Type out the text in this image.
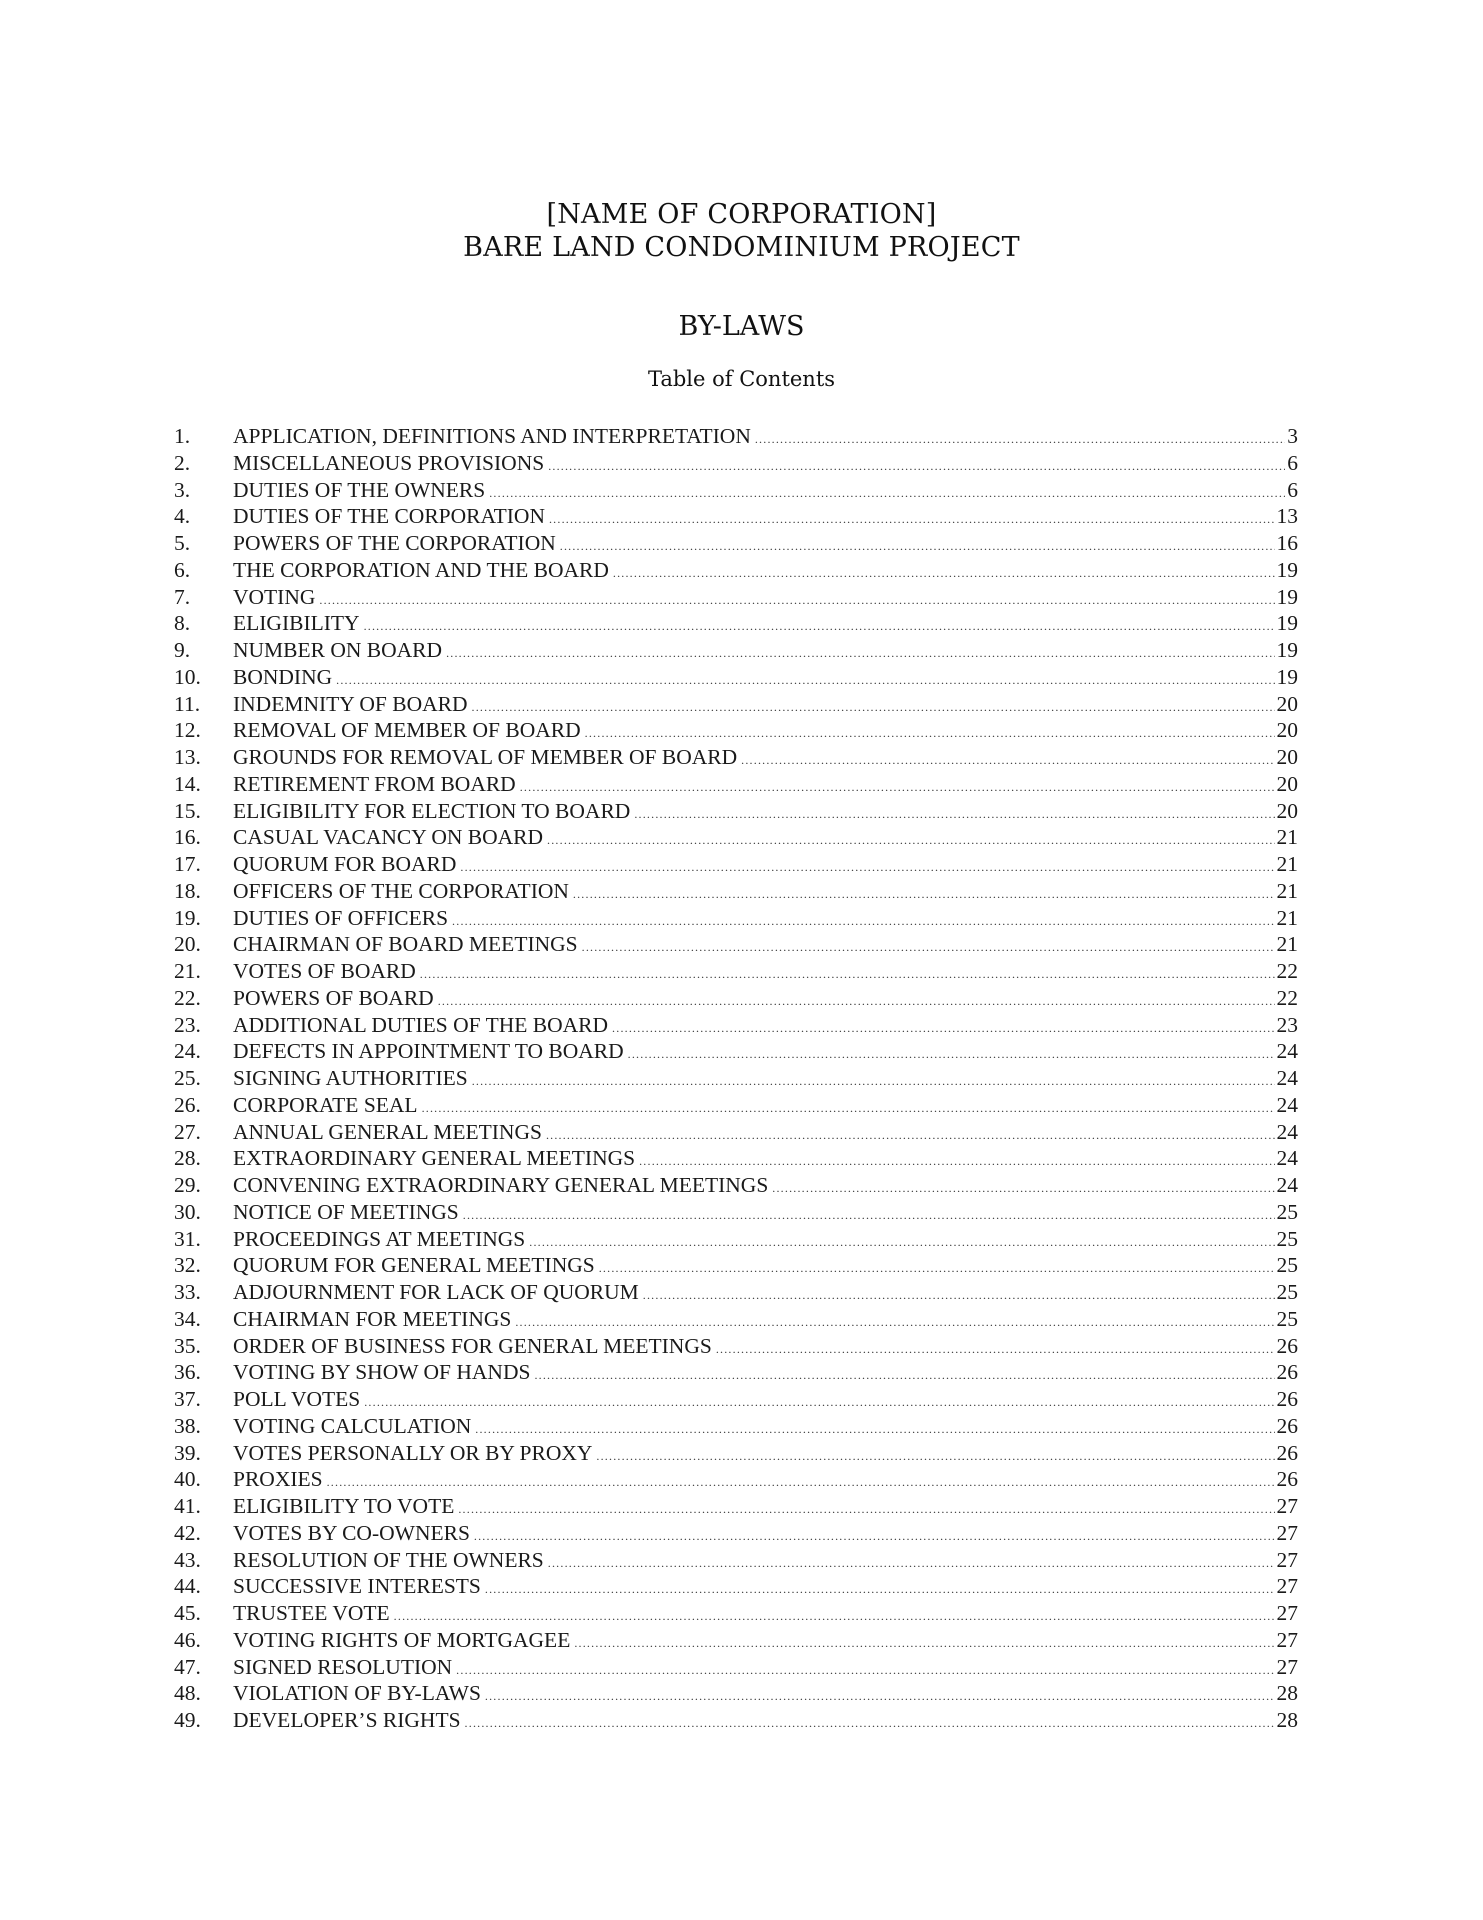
[NAME OF CORPORATION]
BARE LAND CONDOMINIUM PROJECT
BY-LAWS
Table of Contents
1.	APPLICATION, DEFINITIONS AND INTERPRETATION .....	3
2.	MISCELLANEOUS PROVISIONS .....	6
3.	DUTIES OF THE OWNERS .....	6
4.	DUTIES OF THE CORPORATION .....	13
5.	POWERS OF THE CORPORATION .....	16
6.	THE CORPORATION AND THE BOARD .....	19
7.	VOTING .....	19
8.	ELIGIBILITY .....	19
9.	NUMBER ON BOARD .....	19
10.	BONDING .....	19
11.	INDEMNITY OF BOARD .....	20
12.	REMOVAL OF MEMBER OF BOARD .....	20
13.	GROUNDS FOR REMOVAL OF MEMBER OF BOARD .....	20
14.	RETIREMENT FROM BOARD .....	20
15.	ELIGIBILITY FOR ELECTION TO BOARD .....	20
16.	CASUAL VACANCY ON BOARD .....	21
17.	QUORUM FOR BOARD .....	21
18.	OFFICERS OF THE CORPORATION .....	21
19.	DUTIES OF OFFICERS .....	21
20.	CHAIRMAN OF BOARD MEETINGS .....	21
21.	VOTES OF BOARD .....	22
22.	POWERS OF BOARD .....	22
23.	ADDITIONAL DUTIES OF THE BOARD .....	23
24.	DEFECTS IN APPOINTMENT TO BOARD .....	24
25.	SIGNING AUTHORITIES .....	24
26.	CORPORATE SEAL .....	24
27.	ANNUAL GENERAL MEETINGS .....	24
28.	EXTRAORDINARY GENERAL MEETINGS .....	24
29.	CONVENING EXTRAORDINARY GENERAL MEETINGS .....	24
30.	NOTICE OF MEETINGS .....	25
31.	PROCEEDINGS AT MEETINGS .....	25
32.	QUORUM FOR GENERAL MEETINGS .....	25
33.	ADJOURNMENT FOR LACK OF QUORUM .....	25
34.	CHAIRMAN FOR MEETINGS .....	25
35.	ORDER OF BUSINESS FOR GENERAL MEETINGS .....	26
36.	VOTING BY SHOW OF HANDS .....	26
37.	POLL VOTES .....	26
38.	VOTING CALCULATION .....	26
39.	VOTES PERSONALLY OR BY PROXY .....	26
40.	PROXIES .....	26
41.	ELIGIBILITY TO VOTE .....	27
42.	VOTES BY CO-OWNERS .....	27
43.	RESOLUTION OF THE OWNERS .....	27
44.	SUCCESSIVE INTERESTS .....	27
45.	TRUSTEE VOTE .....	27
46.	VOTING RIGHTS OF MORTGAGEE .....	27
47.	SIGNED RESOLUTION .....	27
48.	VIOLATION OF BY-LAWS .....	28
49.	DEVELOPER’S RIGHTS .....	28
